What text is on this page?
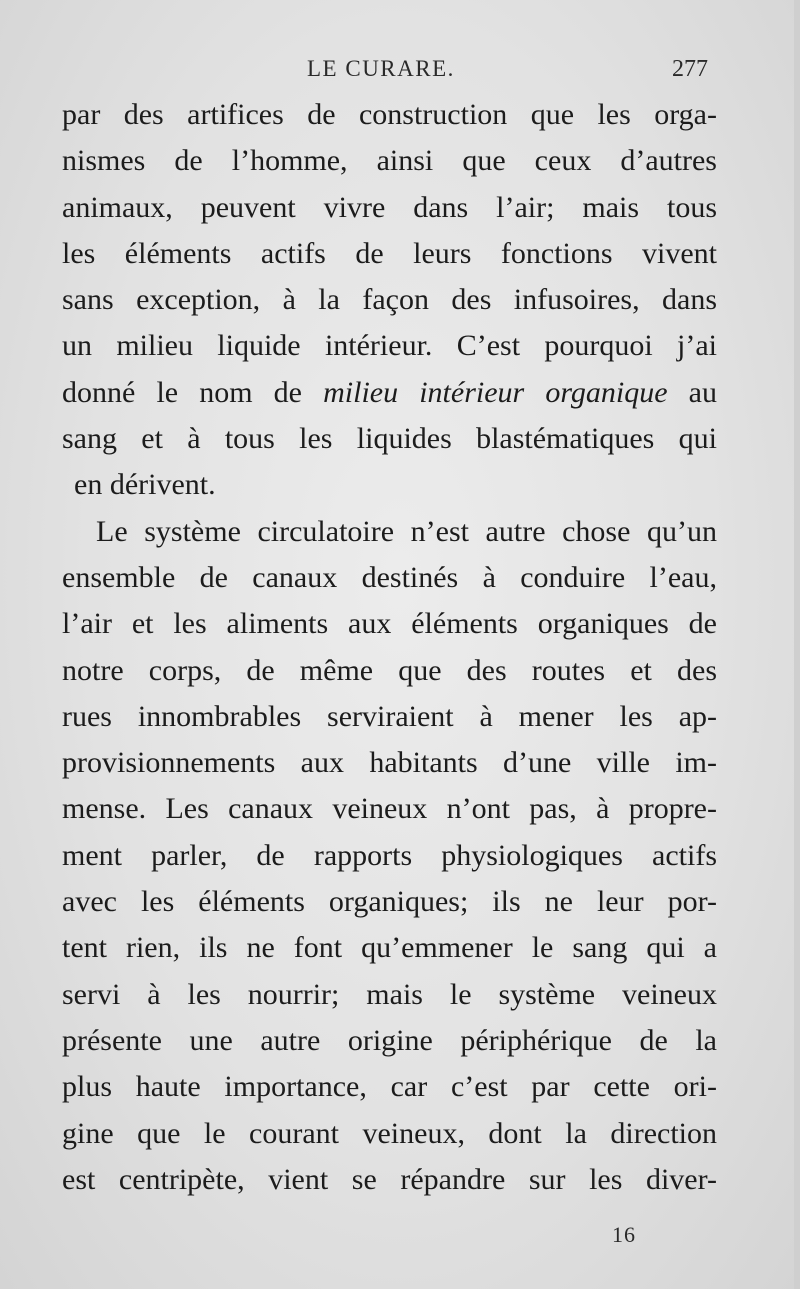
LE CURARE.	277
par des artifices de construction que les orga-
nismes de l’homme, ainsi que ceux d’autres
animaux, peuvent vivre dans l’air; mais tous
les éléments actifs de leurs fonctions vivent
sans exception, à la façon des infusoires, dans
un milieu liquide intérieur. C’est pourquoi j’ai
donné le nom de milieu intérieur organique au
sang et à tous les liquides blastématiques qui
en dérivent.
Le système circulatoire n’est autre chose qu’un
ensemble de canaux destinés à conduire l’eau,
l’air et les aliments aux éléments organiques de
notre corps, de même que des routes et des
rues innombrables serviraient à mener les ap-
provisionnements aux habitants d’une ville im-
mense. Les canaux veineux n’ont pas, à propre-
ment parler, de rapports physiologiques actifs
avec les éléments organiques; ils ne leur por-
tent rien, ils ne font qu’emmener le sang qui a
servi à les nourrir; mais le système veineux
présente une autre origine périphérique de la
plus haute importance, car c’est par cette ori-
gine que le courant veineux, dont la direction
est centripète, vient se répandre sur les diver-
16
